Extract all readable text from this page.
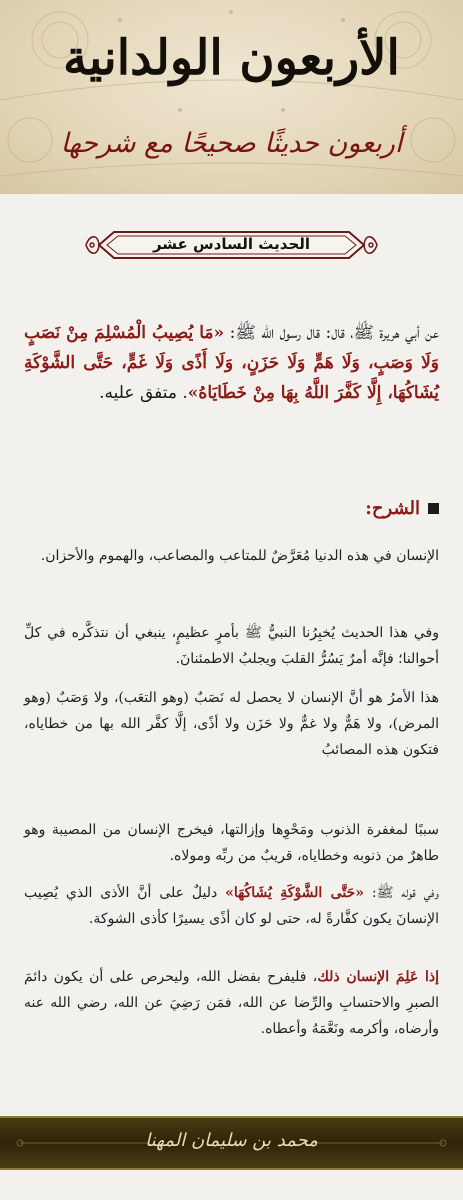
الأربعون الولدانية
أربعون حديثًا صحيحًا مع شرحها
الحديث السادس عشر
عن أبي هريرة ﷺ، قال: قال رسول الله ﷺ: «مَا يُصِيبُ الْمُسْلِمَ مِنْ نَصَبٍ وَلَا وَصَبٍ، وَلَا هَمٍّ وَلَا حَزَنٍ، وَلَا أَذًى وَلَا غَمٍّ، حَتَّى الشَّوْكَةِ يُشَاكُهَا، إِلَّا كَفَّرَ اللَّهُ بِهَا مِنْ خَطَايَاهُ». متفق عليه.
الشرح:
الإنسان في هذه الدنيا مُعَرَّضٌ للمتاعب والمصاعب، والهموم والأحزان.
وفي هذا الحديث يُخبِرُنا النبيُّ ﷺ بأمرٍ عظيمٍ، ينبغي أن نتذكَّره في كلِّ أحوالنا؛ فإنَّه أمرٌ يَسُرُّ القلبَ ويجلبُ الاطمئنانَ.
هذا الأمرُ هو أنَّ الإنسان لا يحصل له نَصَبٌ (وهو التعَب)، ولا وَصَبٌ (وهو المرض)، ولا هَمٌّ ولا غمٌّ ولا حَزَن ولا أذًى، إلَّا كفَّر الله بها من خطاياه، فتكون هذه المصائبُ
سببًا لمغفرة الذنوب ومَحْوِها وإزالتها، فيخرج الإنسان من المصيبة وهو طاهرٌ من ذنوبه وخطاياه، قريبٌ من ربِّه ومولاه.
وفي قوله ﷺ: «حَتَّى الشَّوْكَةِ يُشَاكُهَا» دليلٌ على أنَّ الأذى الذي يُصِيب الإنسانَ يكون كفَّارةً له، حتى لو كان أذًى يسيرًا كأذى الشوكة.
إذا عَلِمَ الإنسان ذلك، فليفرح بفضل الله، وليحرص على أن يكون دائمَ الصبرِ والاحتسابِ والرِّضا عن الله، فمَن رَضِيَ عن الله، رضي الله عنه وأرضاه، وأكرمه ونَعَّمَهُ وأعطاه.
محمد بن سليمان المهنا
